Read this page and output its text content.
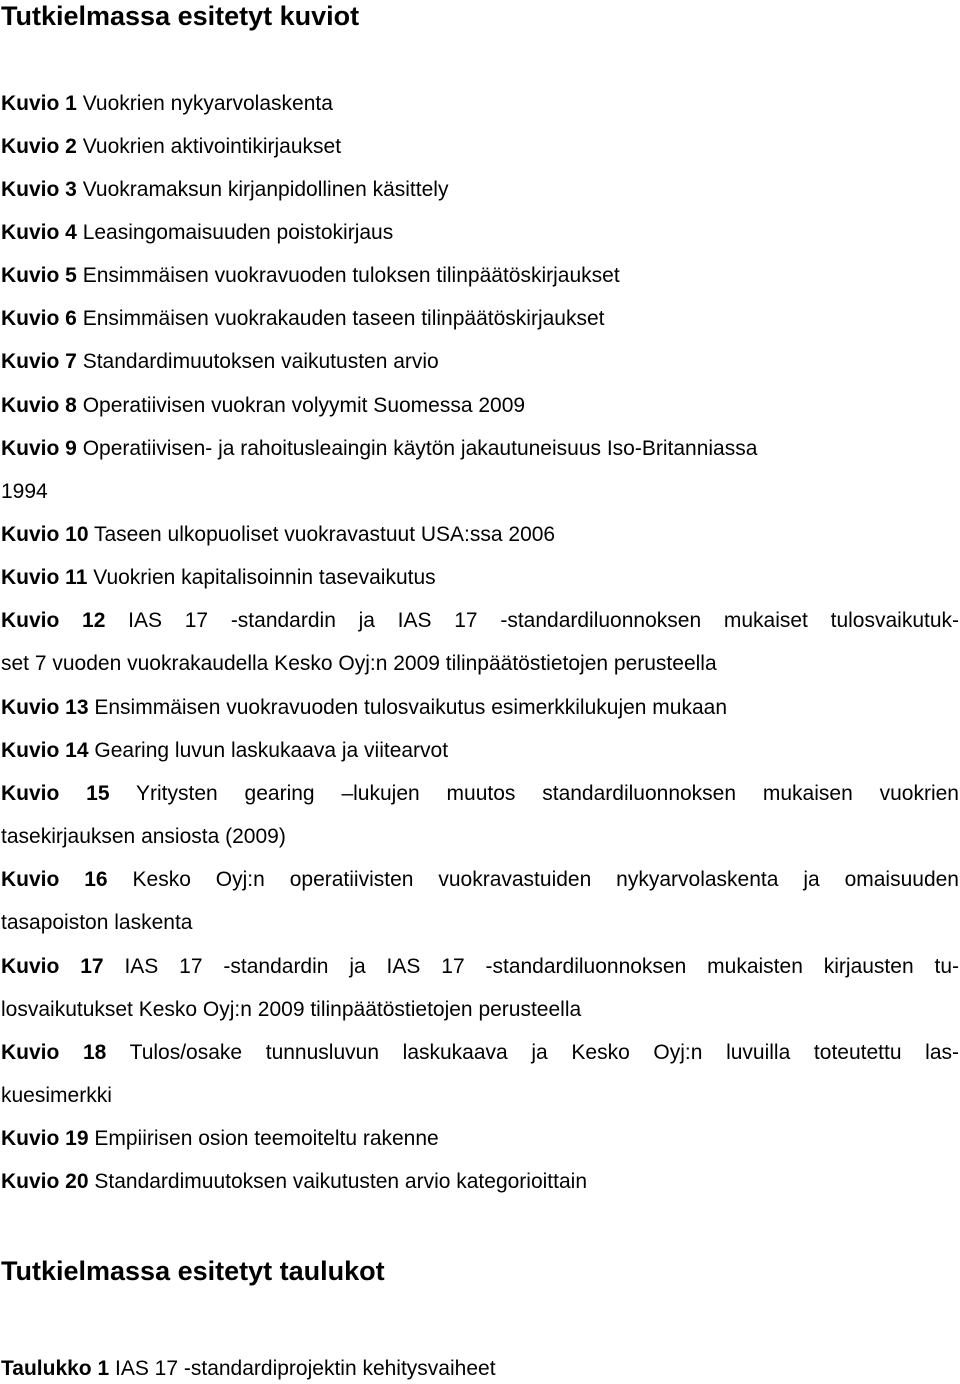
Tutkielmassa esitetyt kuviot
Kuvio 1 Vuokrien nykyarvolaskenta
Kuvio 2 Vuokrien aktivointikirjaukset
Kuvio 3 Vuokramaksun kirjanpidollinen käsittely
Kuvio 4 Leasingomaisuuden poistokirjaus
Kuvio 5 Ensimmäisen vuokravuoden tuloksen tilinpäätöskirjaukset
Kuvio 6 Ensimmäisen vuokrakauden taseen tilinpäätöskirjaukset
Kuvio 7 Standardimuutoksen vaikutusten arvio
Kuvio 8 Operatiivisen vuokran volyymit Suomessa 2009
Kuvio 9 Operatiivisen- ja rahoitusleaingin käytön jakautuneisuus Iso-Britanniassa
1994
Kuvio 10 Taseen ulkopuoliset vuokravastuut USA:ssa 2006
Kuvio 11 Vuokrien kapitalisoinnin tasevaikutus
Kuvio 12 IAS 17 -standardin ja IAS 17 -standardiluonnoksen mukaiset tulosvaikutuk-
set 7 vuoden vuokrakaudella Kesko Oyj:n 2009 tilinpäätöstietojen perusteella
Kuvio 13 Ensimmäisen vuokravuoden tulosvaikutus esimerkkilukujen mukaan
Kuvio 14 Gearing luvun laskukaava ja viitearvot
Kuvio 15 Yritysten gearing –lukujen muutos standardiluonnoksen mukaisen vuokrien
tasekirjauksen ansiosta (2009)
Kuvio 16 Kesko Oyj:n operatiivisten vuokravastuiden nykyarvolaskenta ja omaisuuden
tasapoiston laskenta
Kuvio 17 IAS 17 -standardin ja IAS 17 -standardiluonnoksen mukaisten kirjausten tu-
losvaikutukset Kesko Oyj:n 2009 tilinpäätöstietojen perusteella
Kuvio 18 Tulos/osake tunnusluvun laskukaava ja Kesko Oyj:n luvuilla toteutettu las-
kuesimerkki
Kuvio 19 Empiirisen osion teemoiteltu rakenne
Kuvio 20 Standardimuutoksen vaikutusten arvio kategorioittain
Tutkielmassa esitetyt taulukot
Taulukko 1 IAS 17 -standardiprojektin kehitysvaiheet
